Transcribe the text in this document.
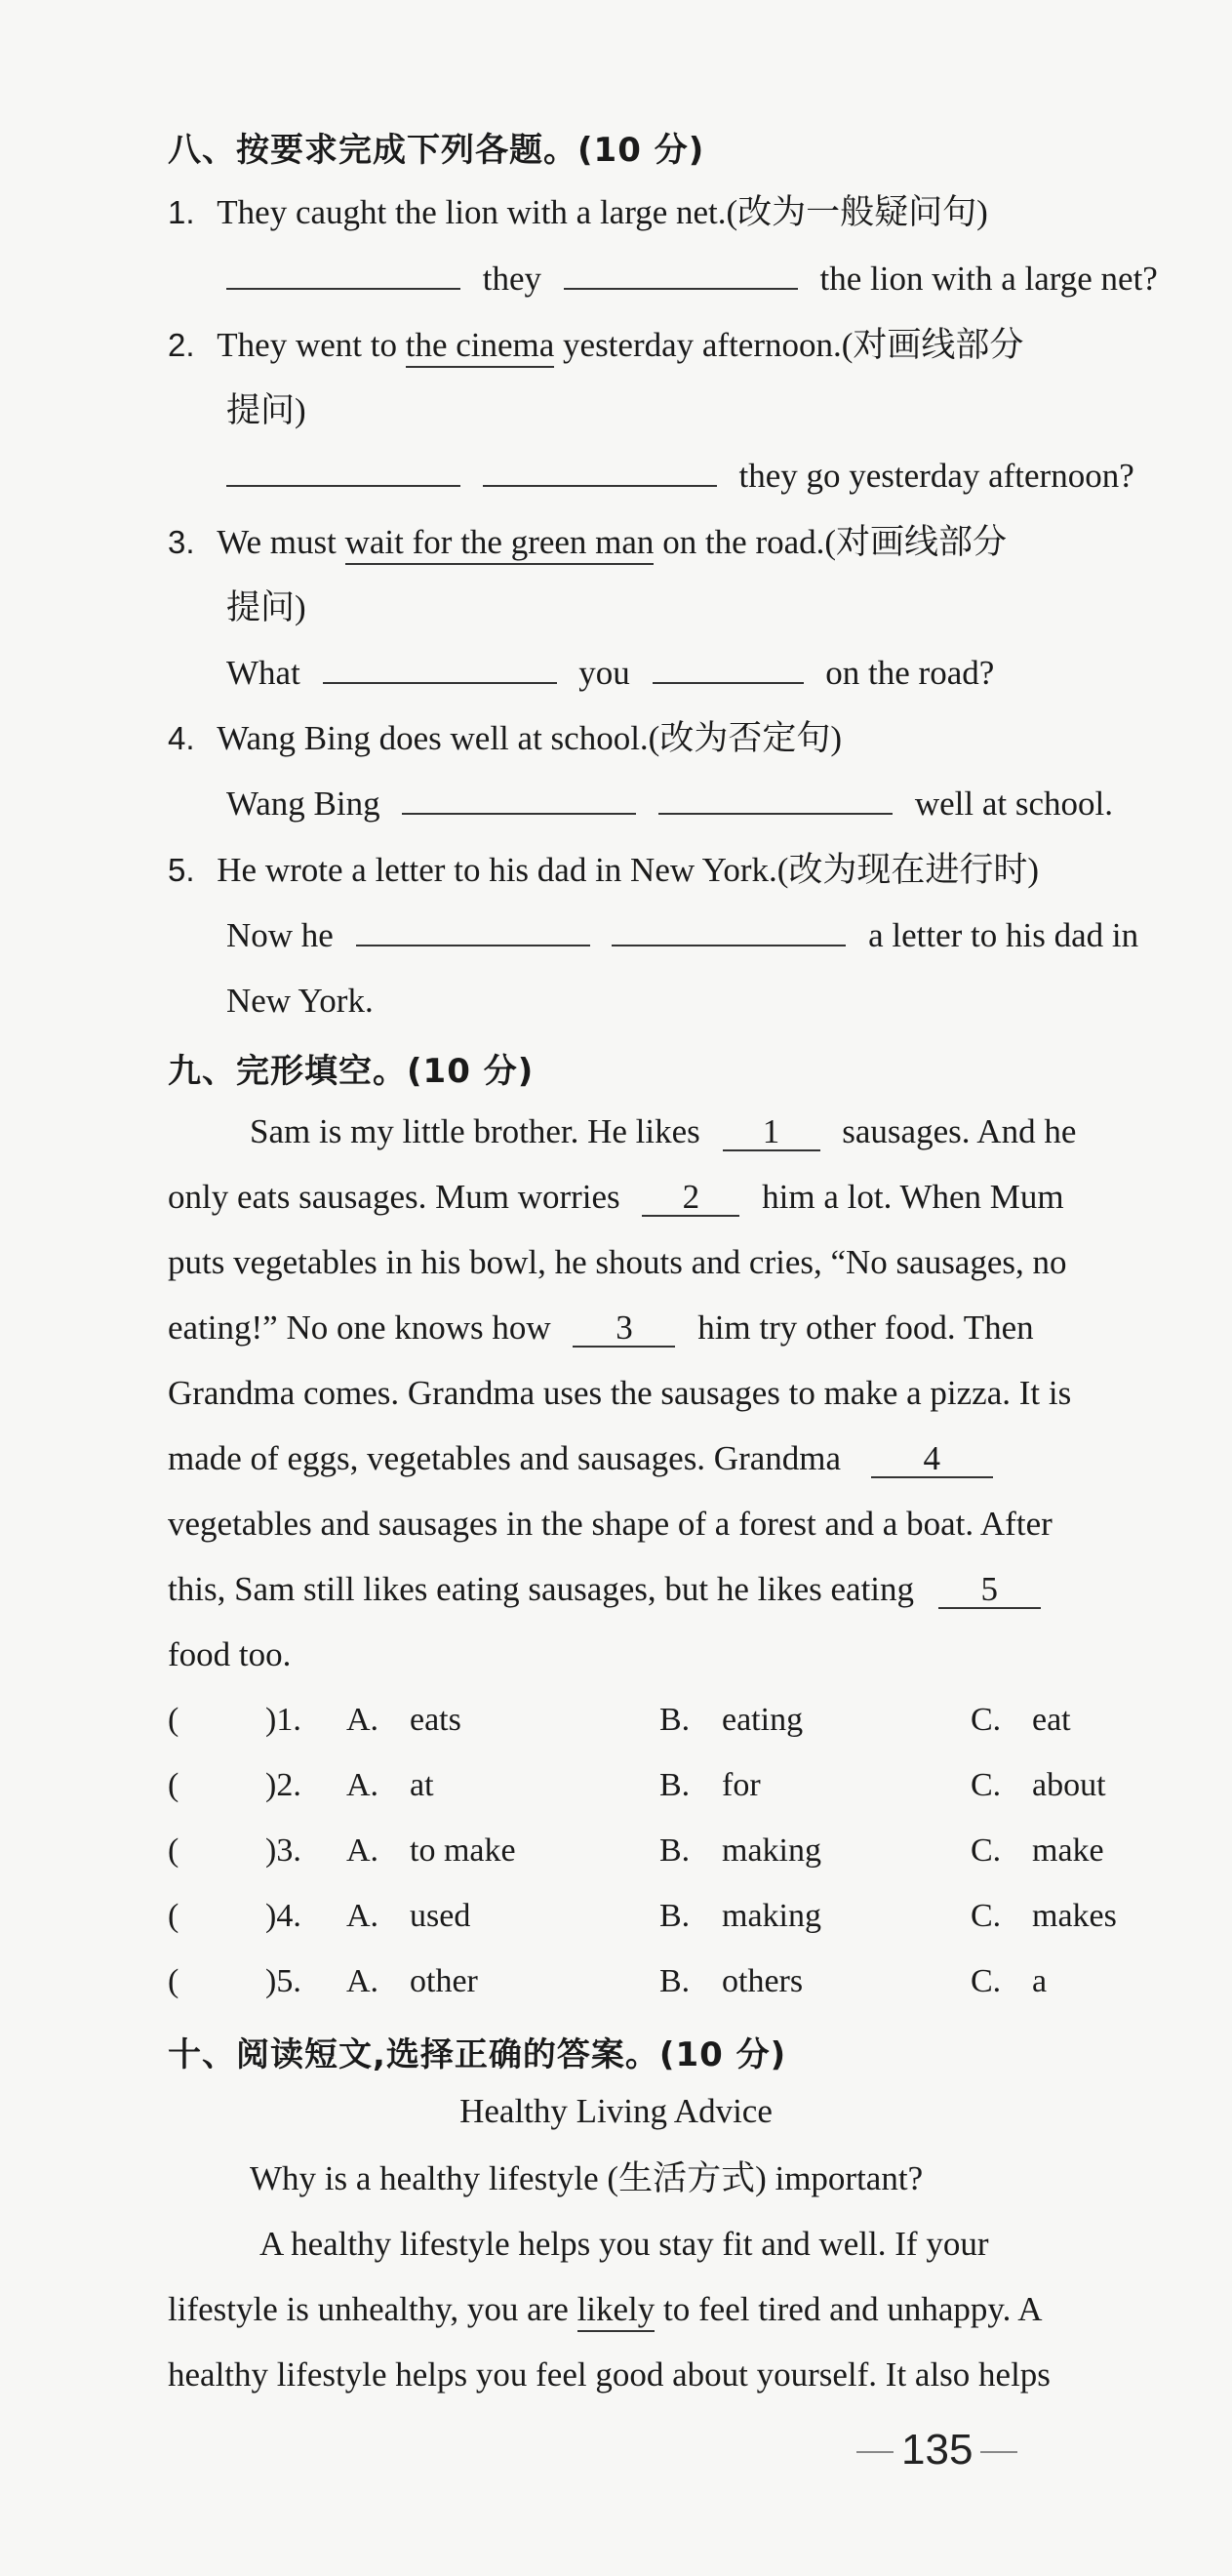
八、按要求完成下列各题。(10 分)
1. They caught the lion with a large net.(改为一般疑问句)
they	the lion with a large net?
2. They went to the cinema yesterday afternoon.(对画线部分
提问)
they go yesterday afternoon?
3. We must wait for the green man on the road.(对画线部分
提问)
What	you	on the road?
4. Wang Bing does well at school.(改为否定句)
Wang Bing	well at school.
5. He wrote a letter to his dad in New York.(改为现在进行时)
Now he	a letter to his dad in
New York.
九、完形填空。(10 分)
Sam is my little brother. He likes 1 sausages. And he
only eats sausages. Mum worries 2 him a lot. When Mum
puts vegetables in his bowl, he shouts and cries, “No sausages, no
eating!” No one knows how 3 him try other food. Then
Grandma comes. Grandma uses the sausages to make a pizza. It is
made of eggs, vegetables and sausages. Grandma 4
vegetables and sausages in the shape of a forest and a boat. After
this, Sam still likes eating sausages, but he likes eating 5
food too.
(	)1. A. eats	B. eating	C. eat
(	)2. A. at	B. for	C. about
(	)3. A. to make	B. making	C. make
(	)4. A. used	B. making	C. makes
(	)5. A. other	B. others	C. a
十、阅读短文,选择正确的答案。(10 分)
Healthy Living Advice
Why is a healthy lifestyle (生活方式) important?
A healthy lifestyle helps you stay fit and well. If your
lifestyle is unhealthy, you are likely to feel tired and unhappy. A
healthy lifestyle helps you feel good about yourself. It also helps
135
